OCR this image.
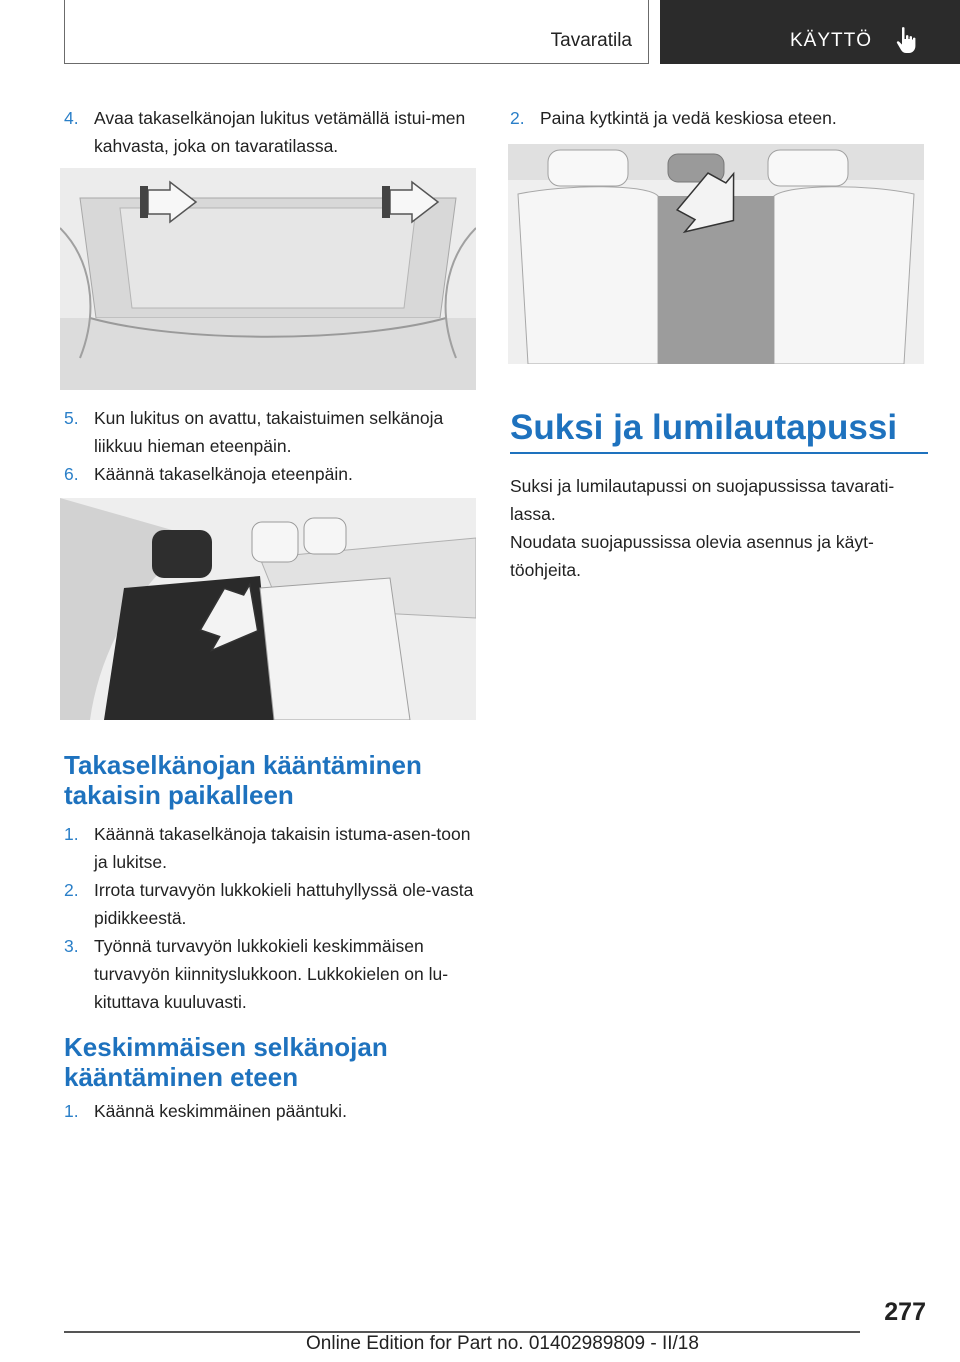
Tavaratila	KÄYTTÖ
4. Avaa takaselkänojan lukitus vetämällä istui-men kahvasta, joka on tavaratilassa.
5. Kun lukitus on avattu, takaistuimen selkänoja liikkuu hieman eteenpäin.
6. Käännä takaselkänoja eteenpäin.
Takaselkänojan kääntäminen takaisin paikalleen
1. Käännä takaselkänoja takaisin istuma-asen-toon ja lukitse.
2. Irrota turvavyön lukkokieli hattuhyllyssä ole-vasta pidikkeestä.
3. Työnnä turvavyön lukkokieli keskimmäisen turvavyön kiinnityslukkoon. Lukkokielen on lu-kituttava kuuluvasti.
Keskimmäisen selkänojan kääntäminen eteen
1. Käännä keskimmäinen pääntuki.
2. Paina kytkintä ja vedä keskiosa eteen.
Suksi ja lumilautapussi
Suksi ja lumilautapussi on suojapussissa tavarati-lassa.
Noudata suojapussissa olevia asennus ja käyt-töohjeita.
277
Online Edition for Part no. 01402989809 - II/18
